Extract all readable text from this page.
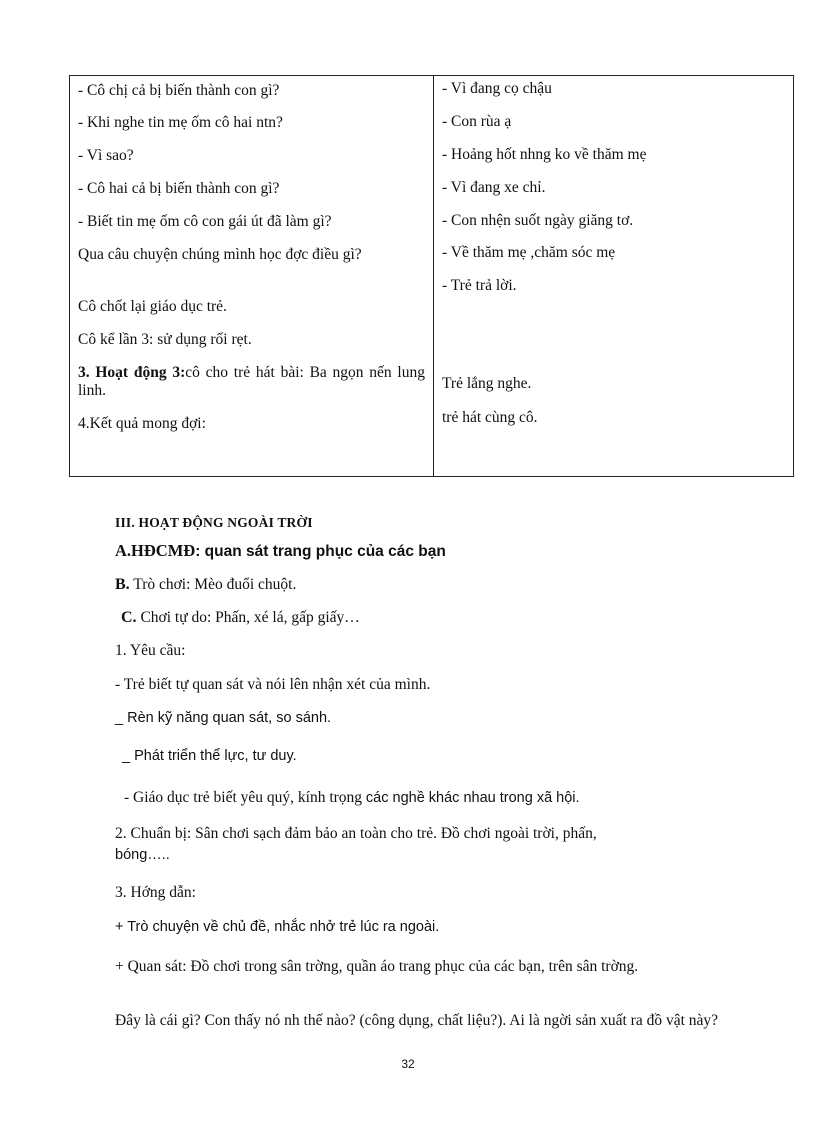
- Cô chị cả bị biến thành con gì?
- Khi nghe tin mẹ ốm cô hai ntn?
- Vì sao?
- Cô hai cả bị biến thành con gì?
- Biết tin mẹ ốm cô con gái út đã làm gì?
Qua câu chuyện chúng mình học đợc điều gì?
Cô chốt lại giáo dục trẻ.
Cô kể lần 3: sử dụng rối rẹt.
3. Hoạt động 3:cô cho trẻ hát bài: Ba ngọn nến lung linh.
4.Kết quả mong đợi:
- Vì đang cọ chậu
- Con rùa ạ
- Hoảng hốt nhng ko về thăm mẹ
- Vì đang xe chỉ.
- Con nhện suốt ngày giăng tơ.
- Về thăm mẹ ,chăm sóc mẹ
- Trẻ trả lời.
Trẻ lắng nghe.
trẻ hát cùng cô.
III. HOẠT ĐỘNG NGOÀI TRỜI
A.HĐCMĐ: quan sát trang phục của các bạn
B. Trò chơi: Mèo đuổi chuột.
C. Chơi tự do: Phấn, xé lá, gấp giấy…
1. Yêu cầu:
- Trẻ biết tự quan sát và nói lên nhận xét của mình.
_ Rèn kỹ năng quan sát, so sánh.
_ Phát triển thể lực, tư duy.
- Giáo dục trẻ biết yêu quý, kính trọng các nghề khác nhau trong xã hội.
2. Chuẩn bị: Sân chơi sạch đảm bảo an toàn cho trẻ. Đồ chơi ngoài trời, phấn,
bóng…..
3. Hớng dẫn:
+ Trò chuyện về chủ đề, nhắc nhở trẻ lúc ra ngoài.
+ Quan sát: Đồ chơi trong sân trờng, quần áo trang phục của các bạn, trên sân trờng.
Đây là cái gì? Con thấy nó nh thế nào? (công dụng, chất liệu?). Ai là ngời sản xuất ra đồ vật này?
32
